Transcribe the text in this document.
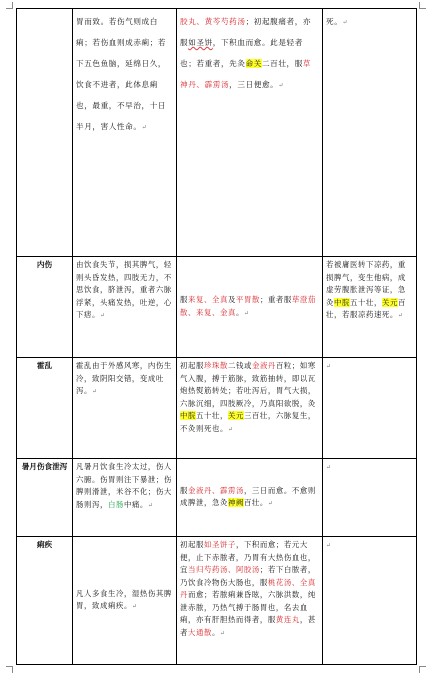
	胃而致。若伤气则成白痢；若伤血则成赤痢；若下五色鱼脑，延绵日久，饮食不进者，此体息痢也，最重，不早治，十日半月，害人性命。↵	胶丸、黄芩芍药汤；初起腹痛者，亦服如圣饼，下积血而愈。此是轻者也；若重者，先灸命关二百壮，服草神丹、霹雳汤，三日便愈。↵	死。↵

内伤	由饮食失节，损其脾气，轻则头昏发热，四肢无力，不思饮食，脐泄泻，重者六脉浮紧，头痛发热，吐逆，心下痞。↵	服来复、全真及平胃散；重者服荜澄茄散、来复、金真。↵	若被庸医转下凉药，重损脾气，变生他病，成虚劳腹胀泄泻等证，急灸中脘五十壮，关元百壮，若服凉药速死。↵

霍乱	霍乱由于外感风寒，内伤生冷，致阴阳交错，变成吐泻。↵	初起服珍珠散二钱或金液丹百粒；如寒气入腹，搏于筋脉，致筋抽转，即以瓦炮热熨筋转处；若吐泻后，胃气大损，六脉沉细，四肢厥冷，乃真阳欲脱，灸中脘五十壮，关元三百壮，六脉复生，不灸则死也。↵	↵

暑月伤食泄泻	凡暑月饮食生冷太过，伤人六腑。伤胃则注下暴泄；伤脾则滑泄，米谷不化；伤大肠则泻，白肠中痛。↵	服金液丹、霹雳汤，三日而愈。不愈则成脾泄，急灸神阙百壮。↵	↵

痢疾	凡人多食生冷，湿热伤其脾胃，致成痢疾。↵	初起服如圣饼子，下积而愈；若元大便，止下赤脓者，乃胃有大热伤血也，宜当归芍药汤、阿胶汤；若下白脓者，乃饮食冷物伤大肠也，服桃花汤、全真丹而愈；若脓痢兼昏眩，六脉洪数，纯泄赤脓，乃热气搏于肠胃也，名去血痢，亦有肝胆热而得者，服黄连丸，甚者大通散。↵	↵
